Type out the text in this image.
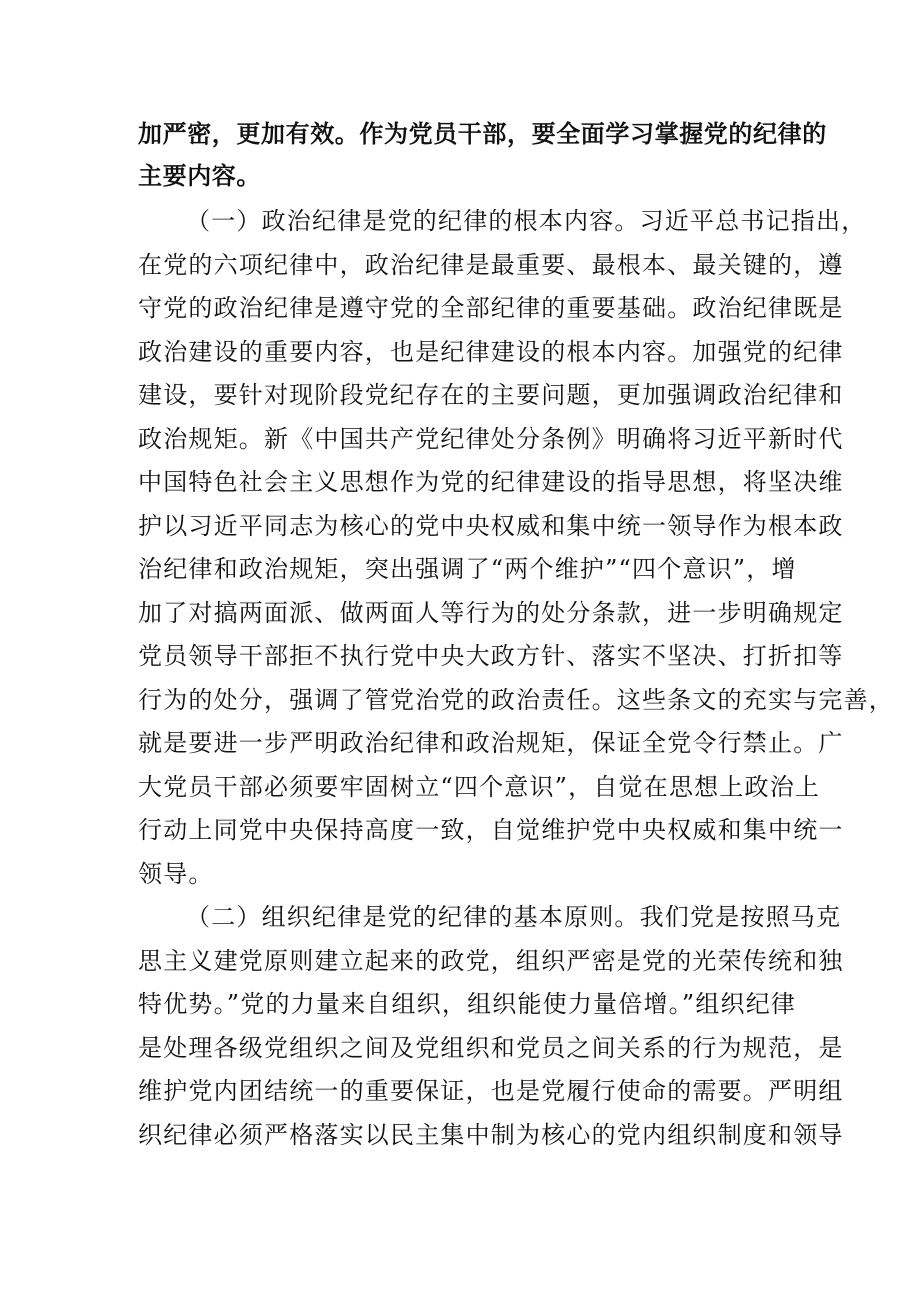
加严密，更加有效。作为党员干部，要全面学习掌握党的纪律的

主要内容。

（一）政治纪律是党的纪律的根本内容。习近平总书记指出，

在党的六项纪律中，政治纪律是最重要、最根本、最关键的，遵

守党的政治纪律是遵守党的全部纪律的重要基础。政治纪律既是

政治建设的重要内容，也是纪律建设的根本内容。加强党的纪律

建设，要针对现阶段党纪存在的主要问题，更加强调政治纪律和

政治规矩。新《中国共产党纪律处分条例》明确将习近平新时代

中国特色社会主义思想作为党的纪律建设的指导思想，将坚决维

护以习近平同志为核心的党中央权威和集中统一领导作为根本政

治纪律和政治规矩，突出强调了“两个维护”“四个意识”，增

加了对搞两面派、做两面人等行为的处分条款，进一步明确规定

党员领导干部拒不执行党中央大政方针、落实不坚决、打折扣等

行为的处分，强调了管党治党的政治责任。这些条文的充实与完善，

就是要进一步严明政治纪律和政治规矩，保证全党令行禁止。广

大党员干部必须要牢固树立“四个意识”，自觉在思想上政治上

行动上同党中央保持高度一致，自觉维护党中央权威和集中统一

领导。

（二）组织纪律是党的纪律的基本原则。我们党是按照马克

思主义建党原则建立起来的政党，组织严密是党的光荣传统和独

特优势。”党的力量来自组织，组织能使力量倍增。”组织纪律

是处理各级党组织之间及党组织和党员之间关系的行为规范，是

维护党内团结统一的重要保证，也是党履行使命的需要。严明组

织纪律必须严格落实以民主集中制为核心的党内组织制度和领导
